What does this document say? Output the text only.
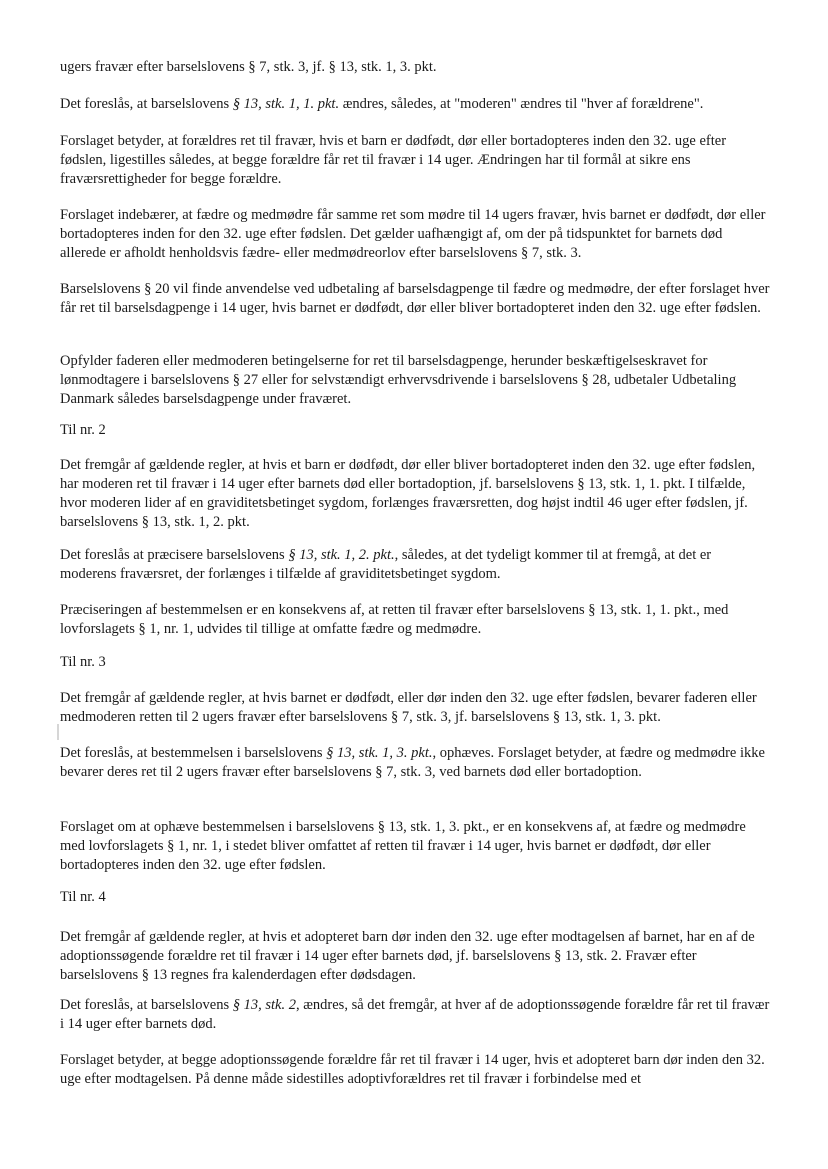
ugers fravær efter barselslovens § 7, stk. 3, jf. § 13, stk. 1, 3. pkt.

Det foreslås, at barselslovens § 13, stk. 1, 1. pkt. ændres, således, at "moderen" ændres til "hver af forældrene".

Forslaget betyder, at forældres ret til fravær, hvis et barn er dødfødt, dør eller bortadopteres inden den 32. uge efter fødslen, ligestilles således, at begge forældre får ret til fravær i 14 uger. Ændringen har til formål at sikre ens fraværsrettigheder for begge forældre.

Forslaget indebærer, at fædre og medmødre får samme ret som mødre til 14 ugers fravær, hvis barnet er dødfødt, dør eller bortadopteres inden for den 32. uge efter fødslen. Det gælder uafhængigt af, om der på tidspunktet for barnets død allerede er afholdt henholdsvis fædre- eller medmødreorlov efter barselslovens § 7, stk. 3.

Barselslovens § 20 vil finde anvendelse ved udbetaling af barselsdagpenge til fædre og medmødre, der efter forslaget hver får ret til barselsdagpenge i 14 uger, hvis barnet er dødfødt, dør eller bliver bortadopteret inden den 32. uge efter fødslen.

Opfylder faderen eller medmoderen betingelserne for ret til barselsdagpenge, herunder beskæftigelseskravet for lønmodtagere i barselslovens § 27 eller for selvstændigt erhvervsdrivende i barselslovens § 28, udbetaler Udbetaling Danmark således barselsdagpenge under fraværet.

Til nr. 2

Det fremgår af gældende regler, at hvis et barn er dødfødt, dør eller bliver bortadopteret inden den 32. uge efter fødslen, har moderen ret til fravær i 14 uger efter barnets død eller bortadoption, jf. barselslovens § 13, stk. 1, 1. pkt. I tilfælde, hvor moderen lider af en graviditetsbetinget sygdom, forlænges fraværsretten, dog højst indtil 46 uger efter fødslen, jf. barselslovens § 13, stk. 1, 2. pkt.

Det foreslås at præcisere barselslovens § 13, stk. 1, 2. pkt., således, at det tydeligt kommer til at fremgå, at det er moderens fraværsret, der forlænges i tilfælde af graviditetsbetinget sygdom.

Præciseringen af bestemmelsen er en konsekvens af, at retten til fravær efter barselslovens § 13, stk. 1, 1. pkt., med lovforslagets § 1, nr. 1, udvides til tillige at omfatte fædre og medmødre.

Til nr. 3

Det fremgår af gældende regler, at hvis barnet er dødfødt, eller dør inden den 32. uge efter fødslen, bevarer faderen eller medmoderen retten til 2 ugers fravær efter barselslovens § 7, stk. 3, jf. barselslovens § 13, stk. 1, 3. pkt.

Det foreslås, at bestemmelsen i barselslovens § 13, stk. 1, 3. pkt., ophæves. Forslaget betyder, at fædre og medmødre ikke bevarer deres ret til 2 ugers fravær efter barselslovens § 7, stk. 3, ved barnets død eller bortadoption.

Forslaget om at ophæve bestemmelsen i barselslovens § 13, stk. 1, 3. pkt., er en konsekvens af, at fædre og medmødre med lovforslagets § 1, nr. 1, i stedet bliver omfattet af retten til fravær i 14 uger, hvis barnet er dødfødt, dør eller bortadopteres inden den 32. uge efter fødslen.

Til nr. 4

Det fremgår af gældende regler, at hvis et adopteret barn dør inden den 32. uge efter modtagelsen af barnet, har en af de adoptionssøgende forældre ret til fravær i 14 uger efter barnets død, jf. barselslovens § 13, stk. 2. Fravær efter barselslovens § 13 regnes fra kalenderdagen efter dødsdagen.

Det foreslås, at barselslovens § 13, stk. 2, ændres, så det fremgår, at hver af de adoptionssøgende forældre får ret til fravær i 14 uger efter barnets død.

Forslaget betyder, at begge adoptionssøgende forældre får ret til fravær i 14 uger, hvis et adopteret barn dør inden den 32. uge efter modtagelsen. På denne måde sidestilles adoptivforældres ret til fravær i forbindelse med et
